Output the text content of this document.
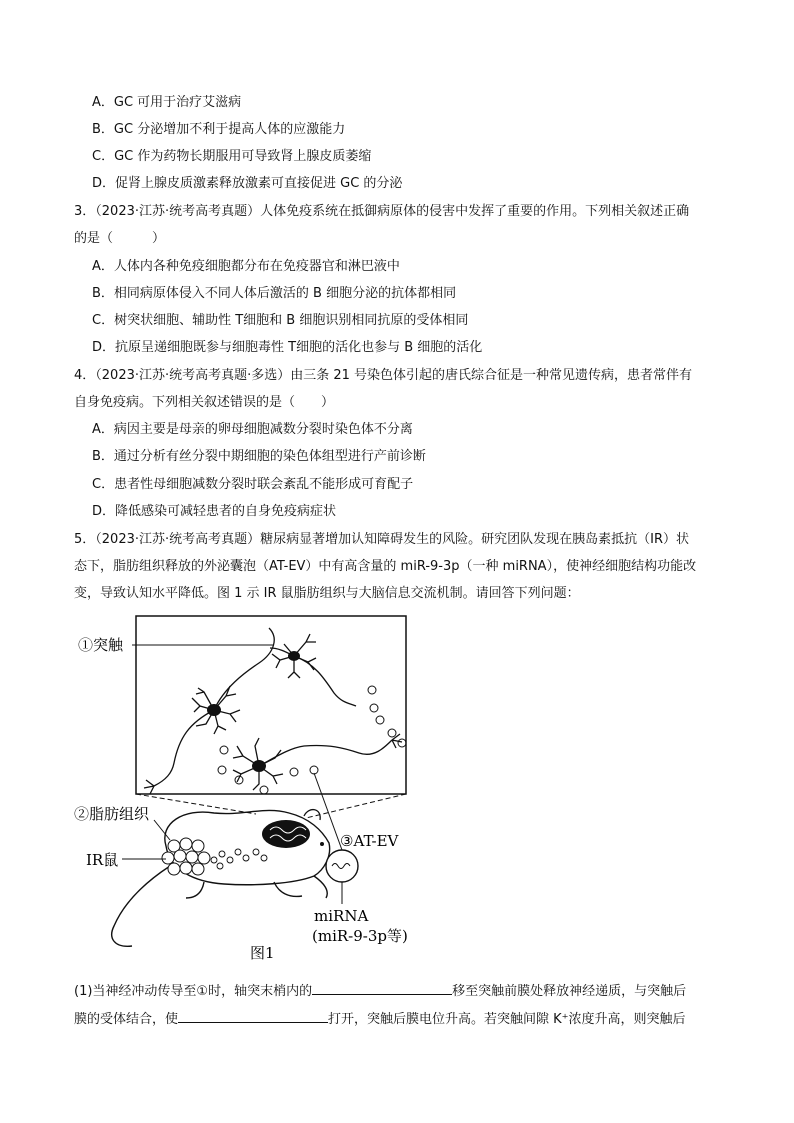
A．GC 可用于治疗艾滋病
B．GC 分泌增加不利于提高人体的应激能力
C．GC 作为药物长期服用可导致肾上腺皮质萎缩
D．促肾上腺皮质激素释放激素可直接促进 GC 的分泌
3．（2023·江苏·统考高考真题）人体免疫系统在抵御病原体的侵害中发挥了重要的作用。下列相关叙述正确
的是（　　　）
A．人体内各种免疫细胞都分布在免疫器官和淋巴液中
B．相同病原体侵入不同人体后激活的 B 细胞分泌的抗体都相同
C．树突状细胞、辅助性 T细胞和 B 细胞识别相同抗原的受体相同
D．抗原呈递细胞既参与细胞毒性 T细胞的活化也参与 B 细胞的活化
4．（2023·江苏·统考高考真题·多选）由三条 21 号染色体引起的唐氏综合征是一种常见遗传病，患者常伴有
自身免疫病。下列相关叙述错误的是（　　）
A．病因主要是母亲的卵母细胞减数分裂时染色体不分离
B．通过分析有丝分裂中期细胞的染色体组型进行产前诊断
C．患者性母细胞减数分裂时联会紊乱不能形成可育配子
D．降低感染可减轻患者的自身免疫病症状
5．（2023·江苏·统考高考真题）糖尿病显著增加认知障碍发生的风险。研究团队发现在胰岛素抵抗（IR）状
态下，脂肪组织释放的外泌囊泡（AT-EV）中有高含量的 miR-9-3p（一种 miRNA），使神经细胞结构功能改
变，导致认知水平降低。图 1 示 IR 鼠脂肪组织与大脑信息交流机制。请回答下列问题：
①突触
②脂肪组织
③AT-EV
IR鼠
miRNA
(miR-9-3p等)
图1
(1)当神经冲动传导至①时，轴突末梢内的	移至突触前膜处释放神经递质，与突触后
膜的受体结合，使	打开，突触后膜电位升高。若突触间隙 K⁺浓度升高，则突触后
